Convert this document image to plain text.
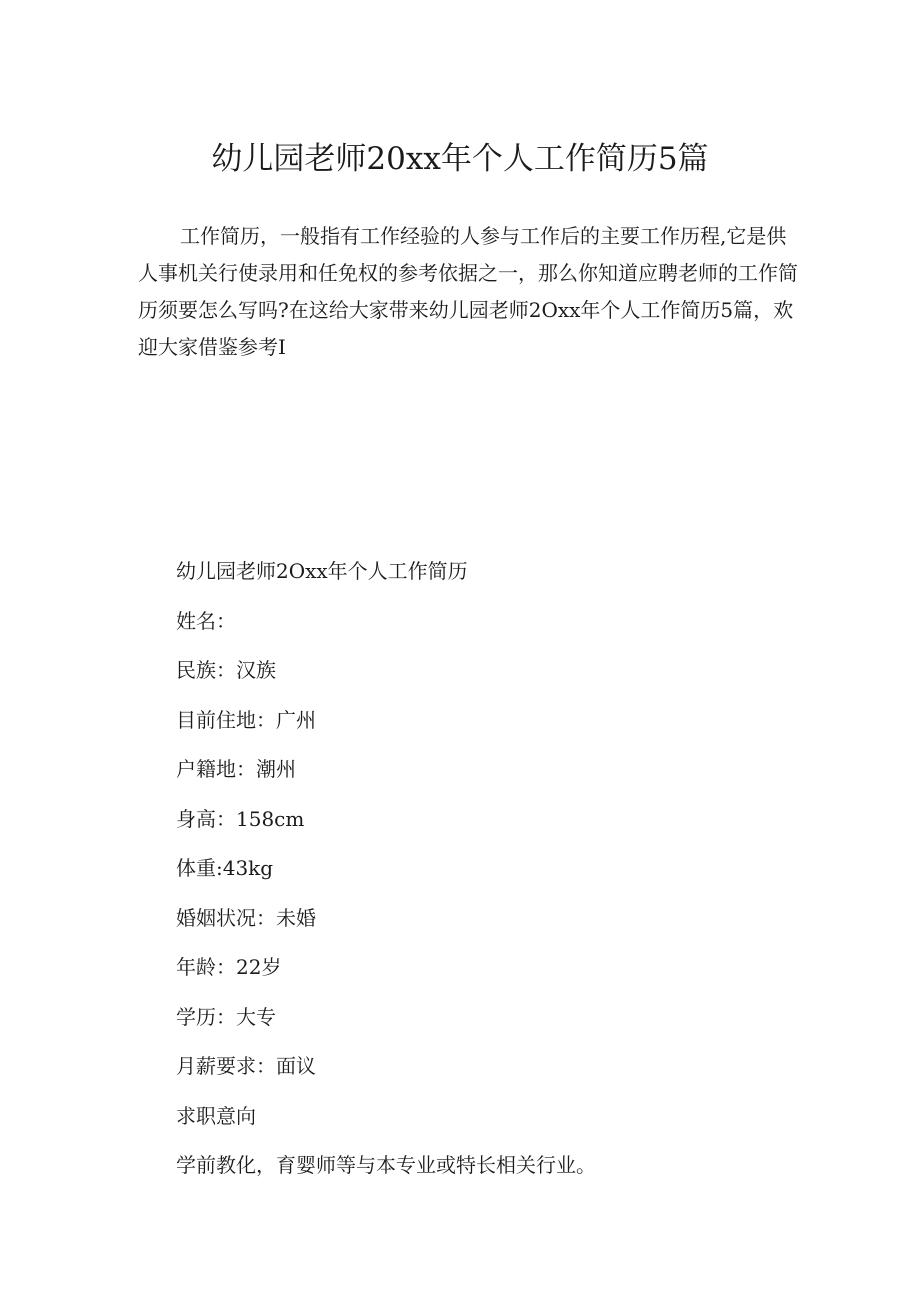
幼儿园老师20xx年个人工作简历5篇

工作简历，一般指有工作经验的人参与工作后的主要工作历程,它是供人事机关行使录用和任免权的参考依据之一，那么你知道应聘老师的工作简历须要怎么写吗?在这给大家带来幼儿园老师2Oxx年个人工作简历5篇，欢迎大家借鉴参考I

幼儿园老师2Oxx年个人工作简历
姓名：
民族：汉族
目前住地：广州
户籍地：潮州
身高：158cm
体重:43kg
婚姻状况：未婚
年龄：22岁
学历：大专
月薪要求：面议
求职意向
学前教化，育婴师等与本专业或特长相关行业。
